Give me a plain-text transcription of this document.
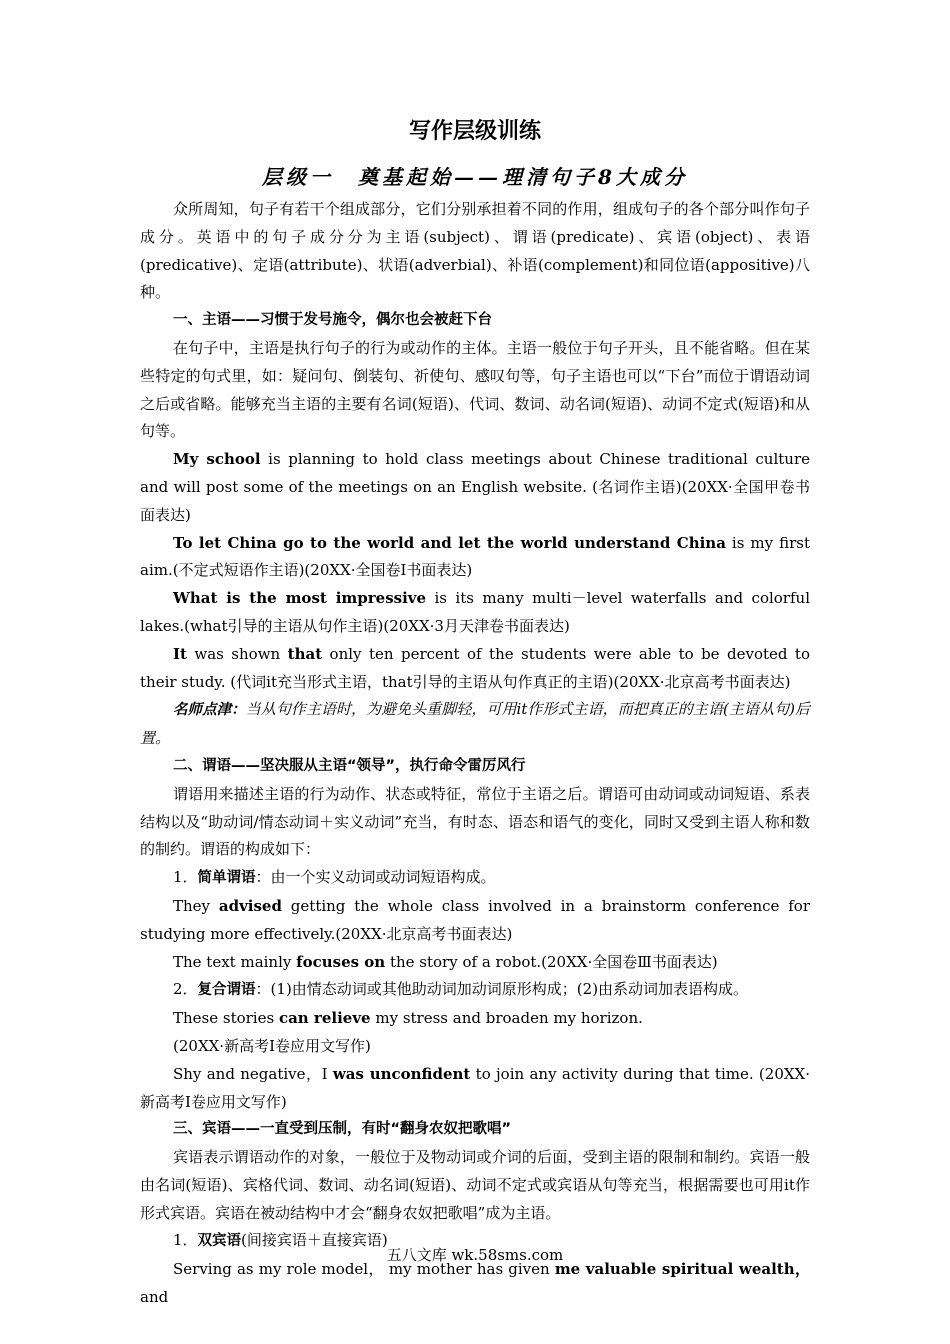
写作层级训练
层级一　奠基起始——理清句子8大成分

众所周知，句子有若干个组成部分，它们分别承担着不同的作用，组成句子的各个部分叫作句子成分。英语中的句子成分分为主语(subject)、谓语(predicate)、宾语(object)、表语(predicative)、定语(attribute)、状语(adverbial)、补语(complement)和同位语(appositive)八种。

一、主语——习惯于发号施令，偶尔也会被赶下台

在句子中，主语是执行句子的行为或动作的主体。主语一般位于句子开头，且不能省略。但在某些特定的句式里，如：疑问句、倒装句、祈使句、感叹句等，句子主语也可以“下台”而位于谓语动词之后或省略。能够充当主语的主要有名词(短语)、代词、数词、动名词(短语)、动词不定式(短语)和从句等。

My school is planning to hold class meetings about Chinese traditional culture and will post some of the meetings on an English website. (名词作主语)(20XX·全国甲卷书面表达)

To let China go to the world and let the world understand China is my first aim.(不定式短语作主语)(20XX·全国卷Ⅰ书面表达)

What is the most impressive is its many multi－level waterfalls and colorful lakes.(what引导的主语从句作主语)(20XX·3月天津卷书面表达)

It was shown that only ten percent of the students were able to be devoted to their study. (代词it充当形式主语，that引导的主语从句作真正的主语)(20XX·北京高考书面表达)

名师点津：当从句作主语时，为避免头重脚轻，可用it作形式主语，而把真正的主语(主语从句)后置。

二、谓语——坚决服从主语“领导”，执行命令雷厉风行

谓语用来描述主语的行为动作、状态或特征，常位于主语之后。谓语可由动词或动词短语、系表结构以及“助动词/情态动词＋实义动词”充当，有时态、语态和语气的变化，同时又受到主语人称和数的制约。谓语的构成如下：

1．简单谓语：由一个实义动词或动词短语构成。

They advised getting the whole class involved in a brainstorm conference for studying more effectively.(20XX·北京高考书面表达)

The text mainly focuses on the story of a robot.(20XX·全国卷Ⅲ书面表达)

2．复合谓语：(1)由情态动词或其他助动词加动词原形构成；(2)由系动词加表语构成。

These stories can relieve my stress and broaden my horizon.

(20XX·新高考Ⅰ卷应用文写作)

Shy and negative，I was unconfident to join any activity during that time. (20XX·新高考Ⅰ卷应用文写作)

三、宾语——一直受到压制，有时“翻身农奴把歌唱”

宾语表示谓语动作的对象，一般位于及物动词或介词的后面，受到主语的限制和制约。宾语一般由名词(短语)、宾格代词、数词、动名词(短语)、动词不定式或宾语从句等充当，根据需要也可用it作形式宾语。宾语在被动结构中才会“翻身农奴把歌唱”成为主语。

1．双宾语(间接宾语＋直接宾语)

Serving as my role model， my mother has given me valuable spiritual wealth， and

五八文库 wk.58sms.com
